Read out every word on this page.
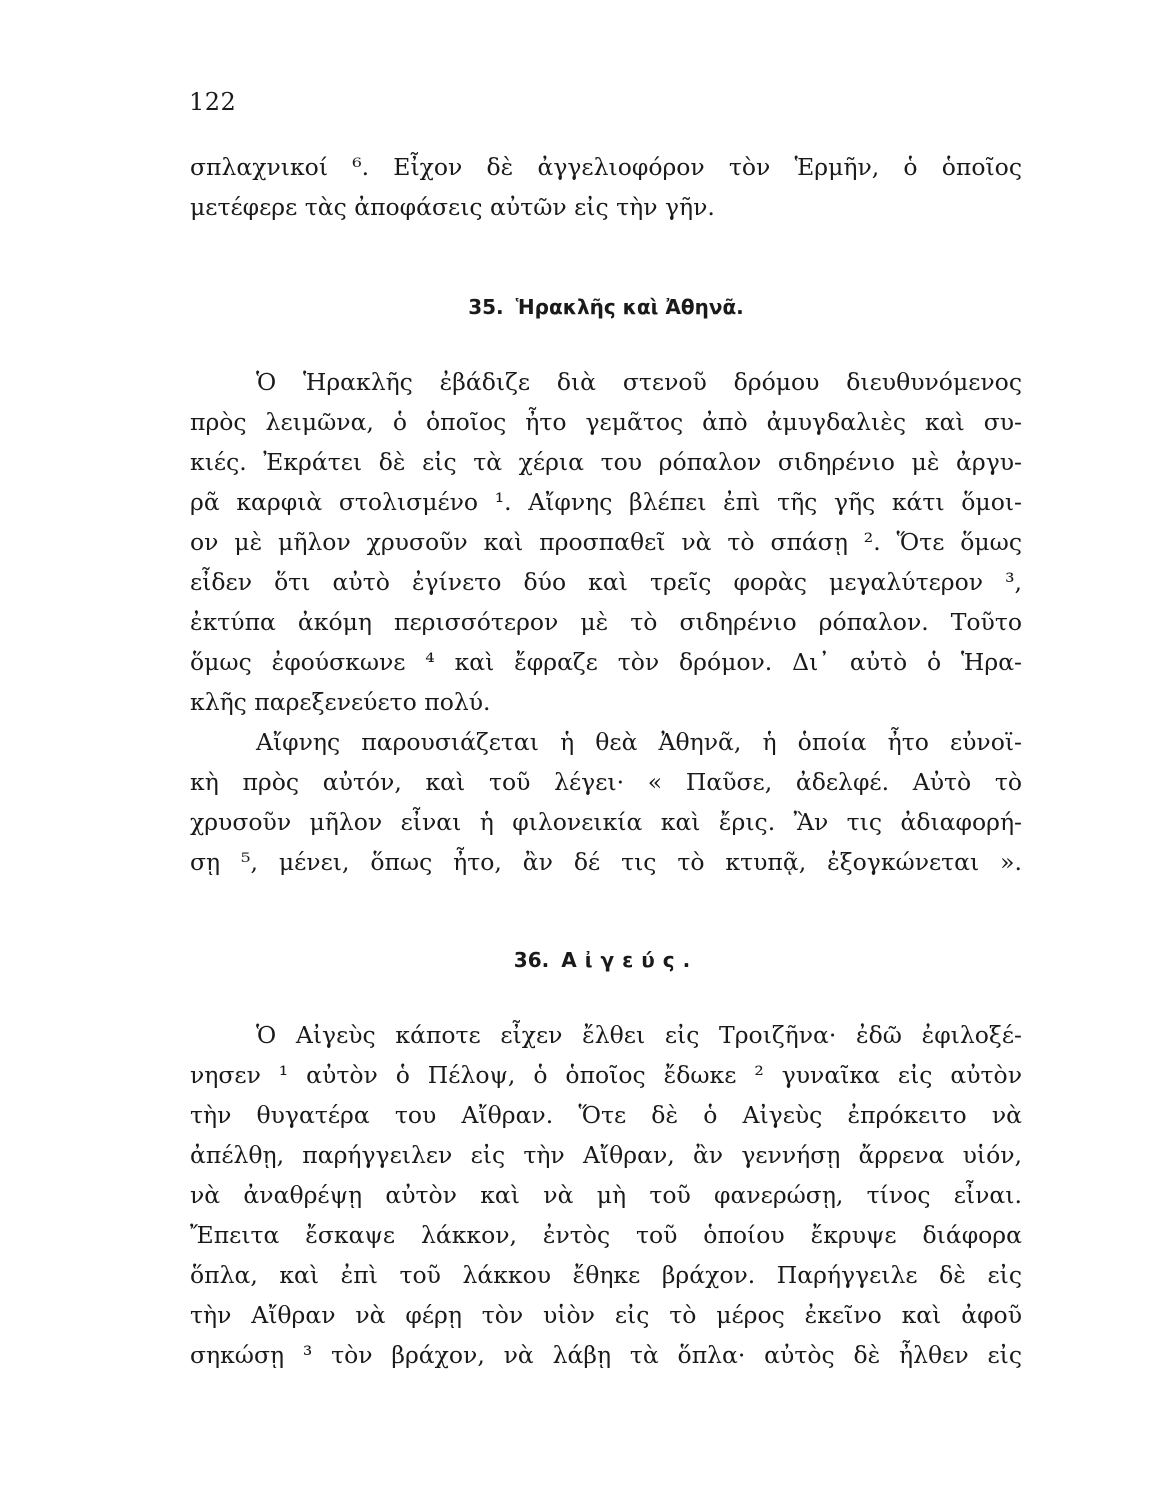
122
σπλαχνικοί ⁶. Εἶχον δὲ ἀγγελιοφόρον τὸν Ἑρμῆν, ὁ ὁποῖος
μετέφερε τὰς ἀποφάσεις αὐτῶν εἰς τὴν γῆν.
35. Ἡρακλῆς καὶ Ἀθηνᾶ.
Ὁ Ἡρακλῆς ἐβάδιζε διὰ στενοῦ δρόμου διευθυνόμενος
πρὸς λειμῶνα, ὁ ὁποῖος ἦτο γεμᾶτος ἀπὸ ἀμυγδαλιὲς καὶ συ-
κιές. Ἐκράτει δὲ εἰς τὰ χέρια του ρόπαλον σιδηρένιο μὲ ἀργυ-
ρᾶ καρφιὰ στολισμένο ¹. Αἴφνης βλέπει ἐπὶ τῆς γῆς κάτι ὅμοι-
ον μὲ μῆλον χρυσοῦν καὶ προσπαθεῖ νὰ τὸ σπάσῃ ². Ὅτε ὅμως
εἶδεν ὅτι αὐτὸ ἐγίνετο δύο καὶ τρεῖς φορὰς μεγαλύτερον ³,
ἐκτύπα ἀκόμη περισσότερον μὲ τὸ σιδηρένιο ρόπαλον. Τοῦτο
ὅμως ἐφούσκωνε ⁴ καὶ ἔφραζε τὸν δρόμον. Δι᾽ αὐτὸ ὁ Ἡρα-
κλῆς παρεξενεύετο πολύ.
Αἴφνης παρουσιάζεται ἡ θεὰ Ἀθηνᾶ, ἡ ὁποία ἦτο εὐνοϊ-
κὴ πρὸς αὐτόν, καὶ τοῦ λέγει· « Παῦσε, ἀδελφέ. Αὐτὸ τὸ
χρυσοῦν μῆλον εἶναι ἡ φιλονεικία καὶ ἔρις. Ἂν τις ἀδιαφορή-
σῃ ⁵, μένει, ὅπως ἦτο, ἂν δέ τις τὸ κτυπᾷ, ἐξογκώνεται ».
36. Αἰγεύς.
Ὁ Αἰγεὺς κάποτε εἶχεν ἔλθει εἰς Τροιζῆνα· ἐδῶ ἐφιλοξέ-
νησεν ¹ αὐτὸν ὁ Πέλοψ, ὁ ὁποῖος ἔδωκε ² γυναῖκα εἰς αὐτὸν
τὴν θυγατέρα του Αἴθραν. Ὅτε δὲ ὁ Αἰγεὺς ἐπρόκειτο νὰ
ἀπέλθῃ, παρήγγειλεν εἰς τὴν Αἴθραν, ἂν γεννήσῃ ἄρρενα υἱόν,
νὰ ἀναθρέψῃ αὐτὸν καὶ νὰ μὴ τοῦ φανερώσῃ, τίνος εἶναι.
Ἔπειτα ἔσκαψε λάκκον, ἐντὸς τοῦ ὁποίου ἔκρυψε διάφορα
ὅπλα, καὶ ἐπὶ τοῦ λάκκου ἔθηκε βράχον. Παρήγγειλε δὲ εἰς
τὴν Αἴθραν νὰ φέρῃ τὸν υἱὸν εἰς τὸ μέρος ἐκεῖνο καὶ ἀφοῦ
σηκώσῃ ³ τὸν βράχον, νὰ λάβῃ τὰ ὅπλα· αὐτὸς δὲ ἦλθεν εἰς
